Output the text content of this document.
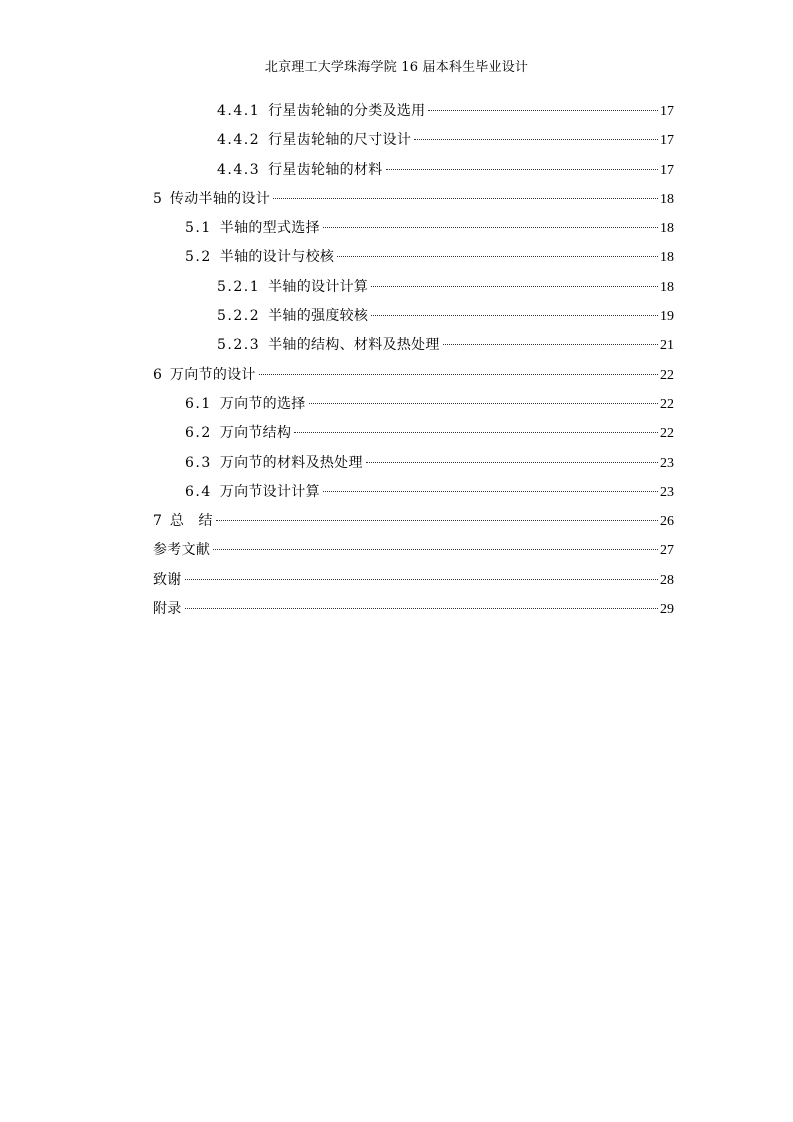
北京理工大学珠海学院 16 届本科生毕业设计
4.4.1 行星齿轮轴的分类及选用	17
4.4.2 行星齿轮轴的尺寸设计	17
4.4.3 行星齿轮轴的材料	17
5 传动半轴的设计	18
5.1 半轴的型式选择	18
5.2 半轴的设计与校核	18
5.2.1 半轴的设计计算	18
5.2.2 半轴的强度较核	19
5.2.3 半轴的结构、材料及热处理	21
6 万向节的设计	22
6.1 万向节的选择	22
6.2 万向节结构	22
6.3 万向节的材料及热处理	23
6.4 万向节设计计算	23
7 总　结	26
参考文献	27
致谢	28
附录	29
